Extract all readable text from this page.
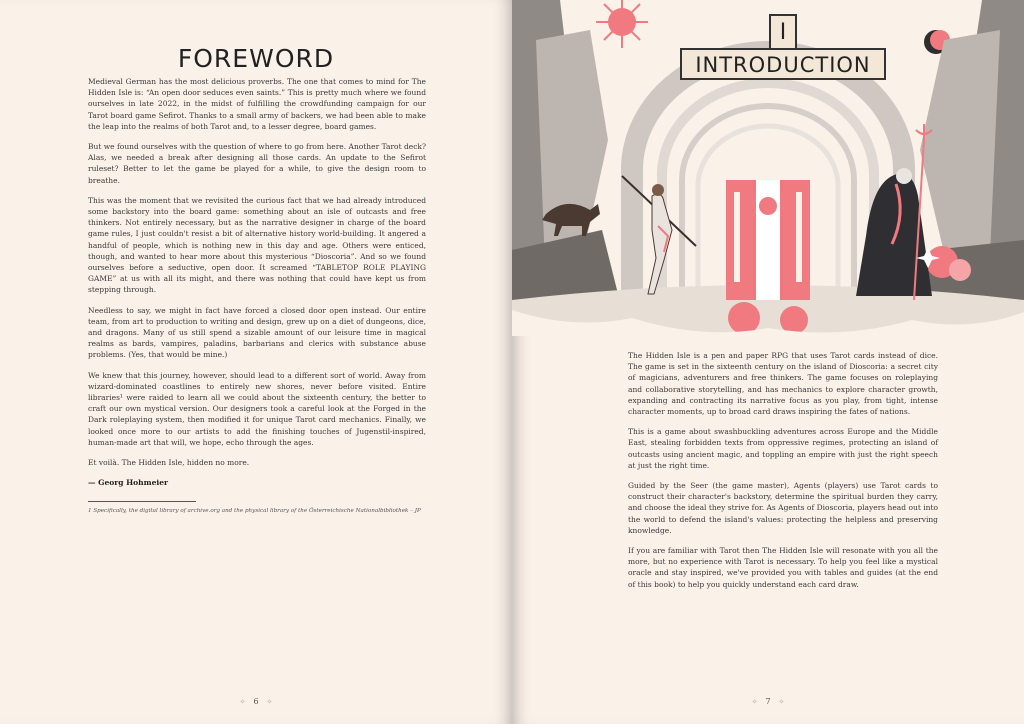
FOREWORD

Medieval German has the most delicious proverbs. The one that comes to mind for The Hidden Isle is: “An open door seduces even saints.” This is pretty much where we found ourselves in late 2022, in the midst of fulfilling the crowdfunding campaign for our Tarot board game Sefirot. Thanks to a small army of backers, we had been able to make the leap into the realms of both Tarot and, to a lesser degree, board games.

But we found ourselves with the question of where to go from here. Another Tarot deck? Alas, we needed a break after designing all those cards. An update to the Sefirot ruleset? Better to let the game be played for a while, to give the design room to breathe.

This was the moment that we revisited the curious fact that we had already introduced some backstory into the board game: something about an isle of outcasts and free thinkers. Not entirely necessary, but as the narrative designer in charge of the board game rules, I just couldn't resist a bit of alternative history world-building. It angered a handful of people, which is nothing new in this day and age. Others were enticed, though, and wanted to hear more about this mysterious “Dioscoria”. And so we found ourselves before a seductive, open door. It screamed “TABLETOP ROLE PLAYING GAME” at us with all its might, and there was nothing that could have kept us from stepping through.

Needless to say, we might in fact have forced a closed door open instead. Our entire team, from art to production to writing and design, grew up on a diet of dungeons, dice, and dragons. Many of us still spend a sizable amount of our leisure time in magical realms as bards, vampires, paladins, barbarians and clerics with substance abuse problems. (Yes, that would be mine.)

We knew that this journey, however, should lead to a different sort of world. Away from wizard-dominated coastlines to entirely new shores, never before visited. Entire libraries¹ were raided to learn all we could about the sixteenth century, the better to craft our own mystical version. Our designers took a careful look at the Forged in the Dark roleplaying system, then modified it for unique Tarot card mechanics. Finally, we looked once more to our artists to add the finishing touches of Jugenstil-inspired, human-made art that will, we hope, echo through the ages.

Et voilà. The Hidden Isle, hidden no more.

— Georg Hohmeier

1 Specifically, the digital library of archive.org and the physical library of the Österreichische Nationalbibliothek – JP
✧ 6 ✧
I
INTRODUCTION

The Hidden Isle is a pen and paper RPG that uses Tarot cards instead of dice. The game is set in the sixteenth century on the island of Dioscoria: a secret city of magicians, adventurers and free thinkers. The game focuses on roleplaying and collaborative storytelling, and has mechanics to explore character growth, expanding and contracting its narrative focus as you play, from tight, intense character moments, up to broad card draws inspiring the fates of nations.

This is a game about swashbuckling adventures across Europe and the Middle East, stealing forbidden texts from oppressive regimes, protecting an island of outcasts using ancient magic, and toppling an empire with just the right speech at just the right time.

Guided by the Seer (the game master), Agents (players) use Tarot cards to construct their character's backstory, determine the spiritual burden they carry, and choose the ideal they strive for. As Agents of Dioscoria, players head out into the world to defend the island's values: protecting the helpless and preserving knowledge.

If you are familiar with Tarot then The Hidden Isle will resonate with you all the more, but no experience with Tarot is necessary. To help you feel like a mystical oracle and stay inspired, we've provided you with tables and guides (at the end of this book) to help you quickly understand each card draw.

✧ 7 ✧
